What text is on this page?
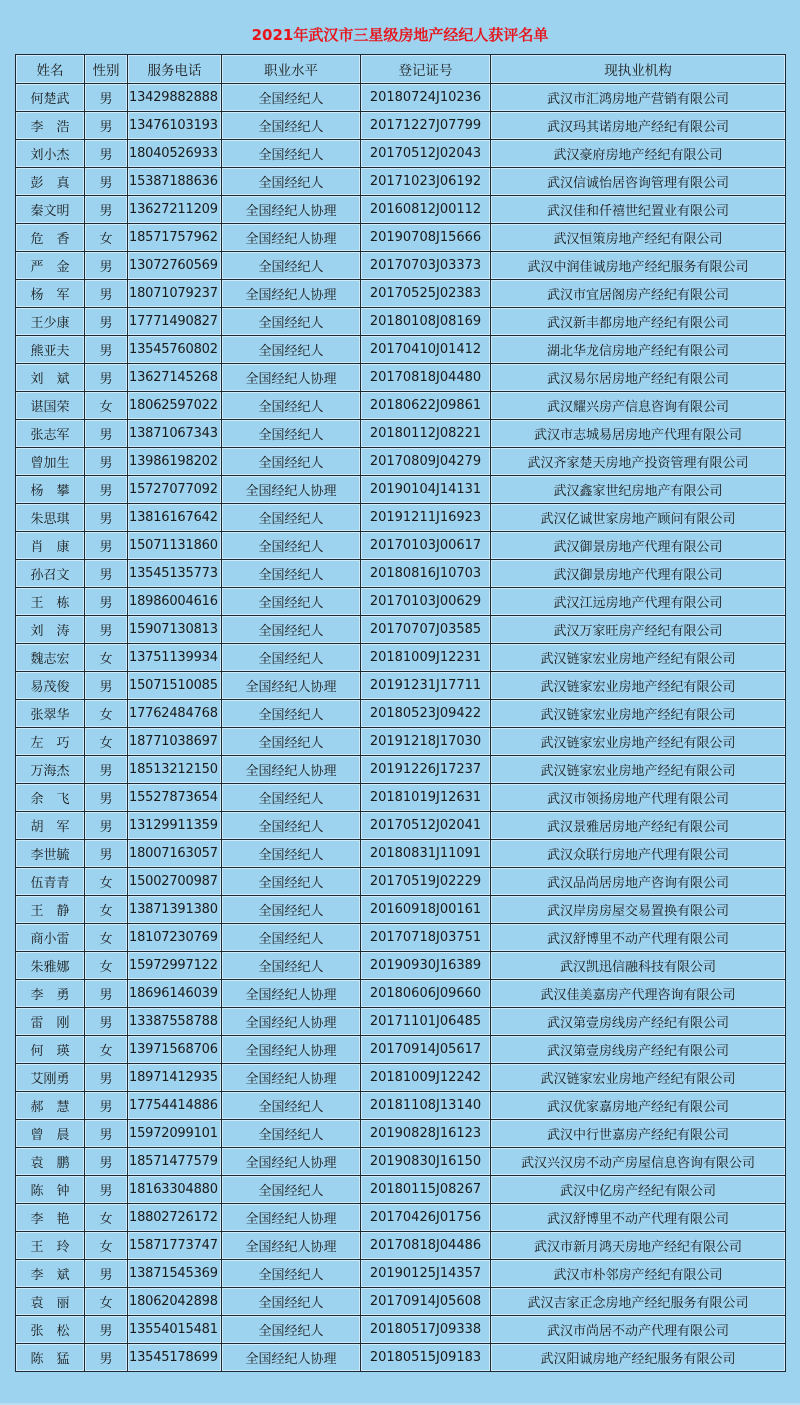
2021年武汉市三星级房地产经纪人获评名单
姓名	性别	服务电话	职业水平	登记证号	现执业机构
何楚武	男	13429882888	全国经纪人	20180724J10236	武汉市汇鸿房地产营销有限公司
李　浩	男	13476103193	全国经纪人	20171227J07799	武汉玛其诺房地产经纪有限公司
刘小杰	男	18040526933	全国经纪人	20170512J02043	武汉豪府房地产经纪有限公司
彭　真	男	15387188636	全国经纪人	20171023J06192	武汉信诚怡居咨询管理有限公司
秦文明	男	13627211209	全国经纪人协理	20160812J00112	武汉佳和仟禧世纪置业有限公司
危　香	女	18571757962	全国经纪人协理	20190708J15666	武汉恒策房地产经纪有限公司
严　金	男	13072760569	全国经纪人	20170703J03373	武汉中润佳诚房地产经纪服务有限公司
杨　军	男	18071079237	全国经纪人协理	20170525J02383	武汉市宜居阁房产经纪有限公司
王少康	男	17771490827	全国经纪人	20180108J08169	武汉新丰都房地产经纪有限公司
熊亚夫	男	13545760802	全国经纪人	20170410J01412	湖北华龙信房地产经纪有限公司
刘　斌	男	13627145268	全国经纪人协理	20170818J04480	武汉易尔居房地产经纪有限公司
谌国荣	女	18062597022	全国经纪人	20180622J09861	武汉耀兴房产信息咨询有限公司
张志军	男	13871067343	全国经纪人	20180112J08221	武汉市志城易居房地产代理有限公司
曾加生	男	13986198202	全国经纪人	20170809J04279	武汉齐家楚天房地产投资管理有限公司
杨　攀	男	15727077092	全国经纪人协理	20190104J14131	武汉鑫家世纪房地产有限公司
朱思琪	男	13816167642	全国经纪人	20191211J16923	武汉亿诚世家房地产顾问有限公司
肖　康	男	15071131860	全国经纪人	20170103J00617	武汉御景房地产代理有限公司
孙召文	男	13545135773	全国经纪人	20180816J10703	武汉御景房地产代理有限公司
王　栋	男	18986004616	全国经纪人	20170103J00629	武汉江远房地产代理有限公司
刘　涛	男	15907130813	全国经纪人	20170707J03585	武汉万家旺房产经纪有限公司
魏志宏	女	13751139934	全国经纪人	20181009J12231	武汉链家宏业房地产经纪有限公司
易茂俊	男	15071510085	全国经纪人协理	20191231J17711	武汉链家宏业房地产经纪有限公司
张翠华	女	17762484768	全国经纪人	20180523J09422	武汉链家宏业房地产经纪有限公司
左　巧	女	18771038697	全国经纪人	20191218J17030	武汉链家宏业房地产经纪有限公司
万海杰	男	18513212150	全国经纪人协理	20191226J17237	武汉链家宏业房地产经纪有限公司
余　飞	男	15527873654	全国经纪人	20181019J12631	武汉市领扬房地产代理有限公司
胡　军	男	13129911359	全国经纪人	20170512J02041	武汉景雅居房地产经纪有限公司
李世毓	男	18007163057	全国经纪人	20180831J11091	武汉众联行房地产代理有限公司
伍青青	女	15002700987	全国经纪人	20170519J02229	武汉品尚居房地产咨询有限公司
王　静	女	13871391380	全国经纪人	20160918J00161	武汉岸房房屋交易置换有限公司
商小雷	女	18107230769	全国经纪人	20170718J03751	武汉舒博里不动产代理有限公司
朱雅娜	女	15972997122	全国经纪人	20190930J16389	武汉凯迅信融科技有限公司
李　勇	男	18696146039	全国经纪人协理	20180606J09660	武汉佳美嘉房产代理咨询有限公司
雷　刚	男	13387558788	全国经纪人协理	20171101J06485	武汉第壹房线房产经纪有限公司
何　瑛	女	13971568706	全国经纪人协理	20170914J05617	武汉第壹房线房产经纪有限公司
艾刚勇	男	18971412935	全国经纪人协理	20181009J12242	武汉链家宏业房地产经纪有限公司
郝　慧	男	17754414886	全国经纪人	20181108J13140	武汉优家嘉房地产经纪有限公司
曾　晨	男	15972099101	全国经纪人	20190828J16123	武汉中行世嘉房产经纪有限公司
袁　鹏	男	18571477579	全国经纪人协理	20190830J16150	武汉兴汉房不动产房屋信息咨询有限公司
陈　钟	男	18163304880	全国经纪人	20180115J08267	武汉中亿房产经纪有限公司
李　艳	女	18802726172	全国经纪人协理	20170426J01756	武汉舒博里不动产代理有限公司
王　玲	女	15871773747	全国经纪人协理	20170818J04486	武汉市新月鸿天房地产经纪有限公司
李　斌	男	13871545369	全国经纪人	20190125J14357	武汉市朴邻房产经纪有限公司
袁　丽	女	18062042898	全国经纪人	20170914J05608	武汉吉家正念房地产经纪服务有限公司
张　松	男	13554015481	全国经纪人	20180517J09338	武汉市尚居不动产代理有限公司
陈　猛	男	13545178699	全国经纪人协理	20180515J09183	武汉阳诚房地产经纪服务有限公司
